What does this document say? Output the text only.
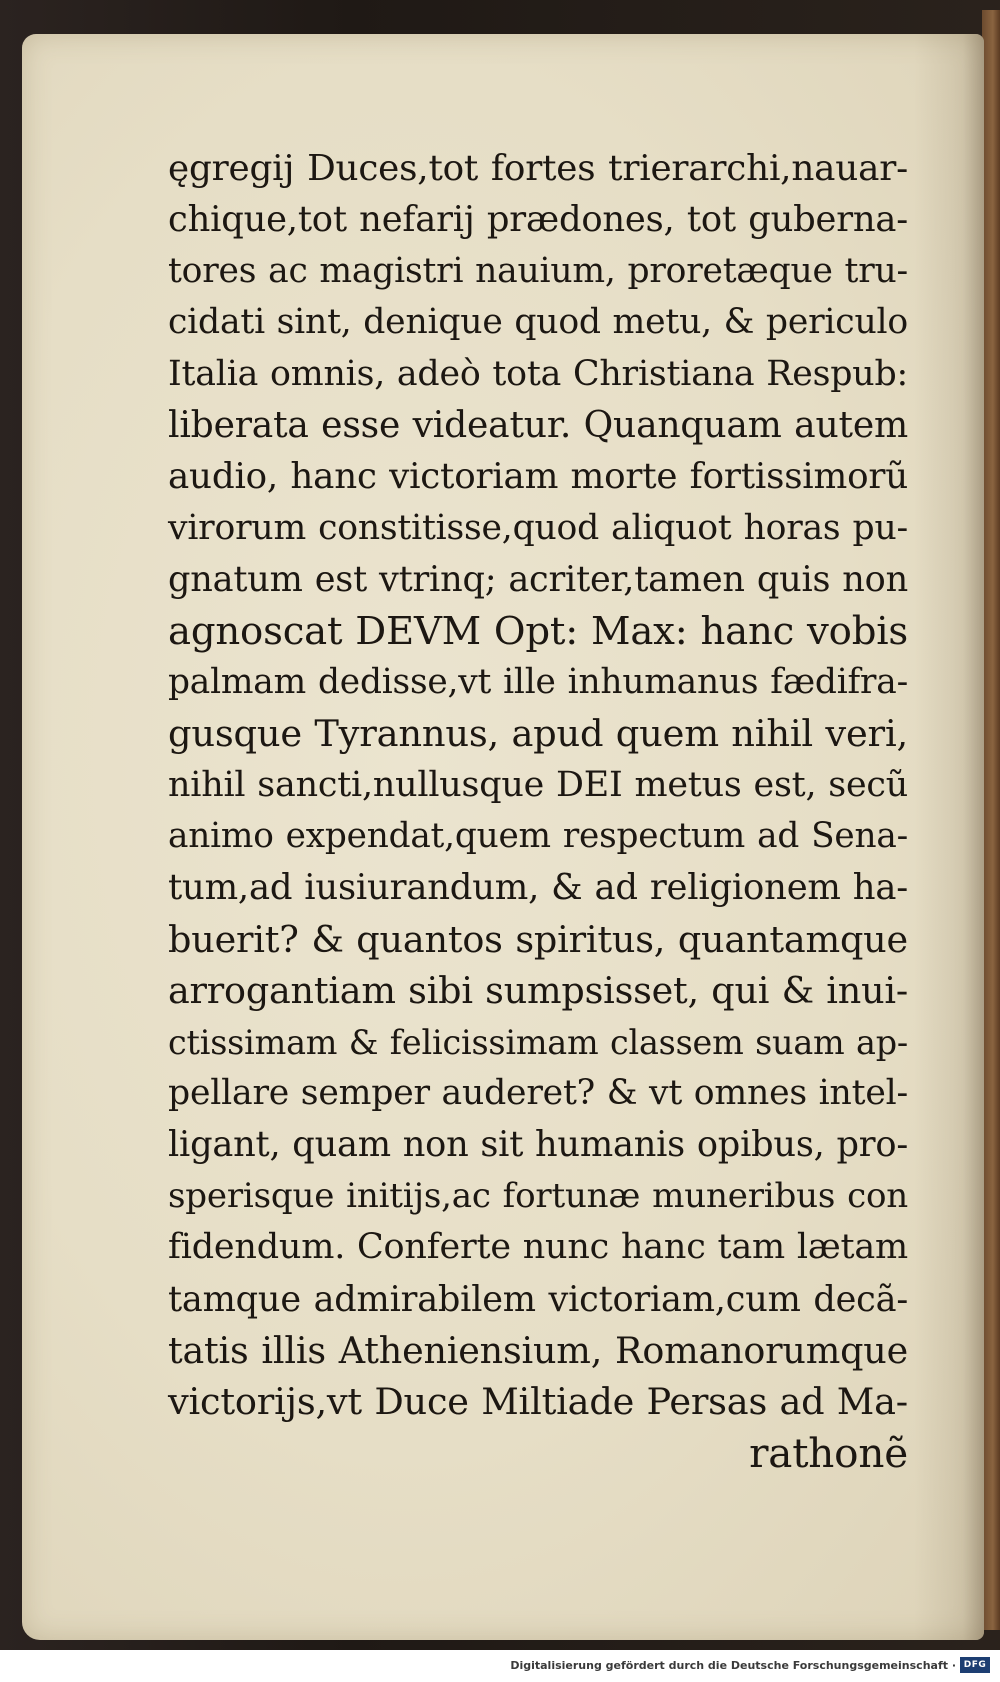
ęgregij Duces,tot fortes trierarchi,nauar-
chique,tot nefarij prædones, tot guberna-
tores ac magistri nauium, proretæque tru-
cidati sint, denique quod metu, & periculo
Italia omnis, adeò tota Christiana Respub:
liberata esse videatur. Quanquam autem
audio, hanc victoriam morte fortissimorũ
virorum constitisse,quod aliquot horas pu-
gnatum est vtrinq; acriter,tamen quis non
agnoscat DEVM Opt: Max: hanc vobis
palmam dedisse,vt ille inhumanus fædifra-
gusque Tyrannus, apud quem nihil veri,
nihil sancti,nullusque DEI metus est, secũ
animo expendat,quem respectum ad Sena-
tum,ad iusiurandum, & ad religionem ha-
buerit? & quantos spiritus, quantamque
arrogantiam sibi sumpsisset, qui & inui-
ctissimam & felicissimam classem suam ap-
pellare semper auderet? & vt omnes intel-
ligant, quam non sit humanis opibus, pro-
sperisque initijs,ac fortunæ muneribus con
fidendum. Conferte nunc hanc tam lætam
tamque admirabilem victoriam,cum decã-
tatis illis Atheniensium, Romanorumque
victorijs,vt Duce Miltiade Persas ad Ma-
rathonẽ
Digitalisierung gefördert durch die Deutsche Forschungsgemeinschaft · DFG
